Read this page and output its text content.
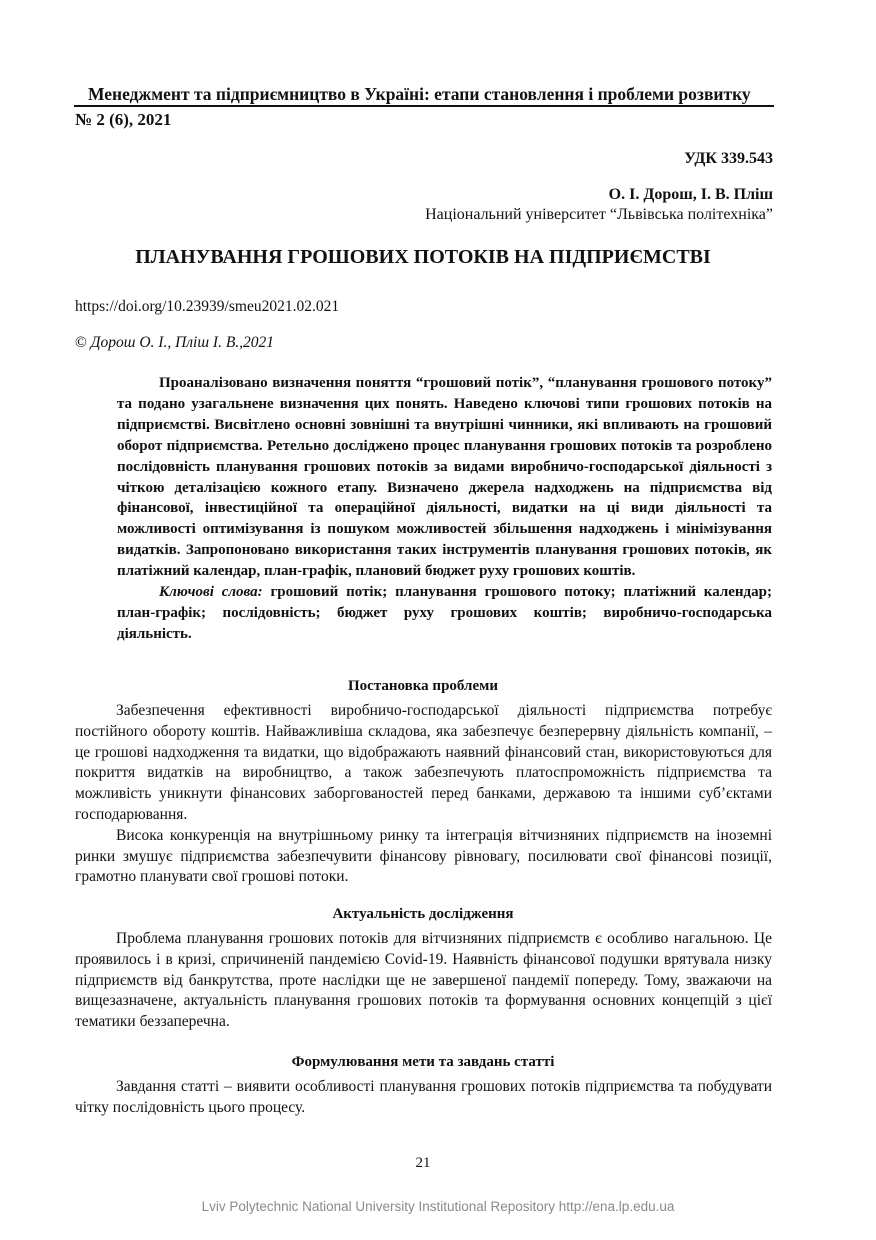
Менеджмент та підприємництво в Україні: етапи становлення і проблеми розвитку
№ 2 (6), 2021
УДК 339.543
О. І. Дорош, І. В. Пліш
Національний університет “Львівська політехніка”
ПЛАНУВАННЯ ГРОШОВИХ ПОТОКІВ НА ПІДПРИЄМСТВІ
https://doi.org/10.23939/smeu2021.02.021
© Дорош О. І., Пліш І. В.,2021

Проаналізовано визначення поняття “грошовий потік”, “планування грошового потоку” та подано узагальнене визначення цих понять. Наведено ключові типи грошових потоків на підприємстві. Висвітлено основні зовнішні та внутрішні чинники, які впливають на грошовий оборот підприємства. Ретельно досліджено процес планування грошових потоків та розроблено послідовність планування грошових потоків за видами виробничо-господарської діяльності з чіткою деталізацією кожного етапу. Визначено джерела надходжень на підприємства від фінансової, інвестиційної та операційної діяльності, видатки на ці види діяльності та можливості оптимізування із пошуком можливостей збільшення надходжень і мінімізування видатків. Запропоновано використання таких інструментів планування грошових потоків, як платіжний календар, план-графік, плановий бюджет руху грошових коштів.

Ключові слова: грошовий потік; планування грошового потоку; платіжний календар; план-графік; послідовність; бюджет руху грошових коштів; виробничо-господарська діяльність.

Постановка проблеми

Забезпечення ефективності виробничо-господарської діяльності підприємства потребує постійного обороту коштів. Найважливіша складова, яка забезпечує безперервну діяльність компанії, – це грошові надходження та видатки, що відображають наявний фінансовий стан, використовуються для покриття видатків на виробництво, а також забезпечують платоспроможність підприємства та можливість уникнути фінансових заборгованостей перед банками, державою та іншими суб’єктами господарювання.

Висока конкуренція на внутрішньому ринку та інтеграція вітчизняних підприємств на іноземні ринки змушує підприємства забезпечувити фінансову рівновагу, посилювати свої фінансові позиції, грамотно планувати свої грошові потоки.

Актуальність дослідження

Проблема планування грошових потоків для вітчизняних підприємств є особливо нагальною. Це проявилось і в кризі, спричиненій пандемією Covid-19. Наявність фінансової подушки врятувала низку підприємств від банкрутства, проте наслідки ще не завершеної пандемії попереду. Тому, зважаючи на вищезазначене, актуальність планування грошових потоків та формування основних концепцій з цієї тематики беззаперечна.

Формулювання мети та завдань статті

Завдання статті – виявити особливості планування грошових потоків підприємства та побудувати чітку послідовність цього процесу.

21
Lviv Polytechnic National University Institutional Repository http://ena.lp.edu.ua
